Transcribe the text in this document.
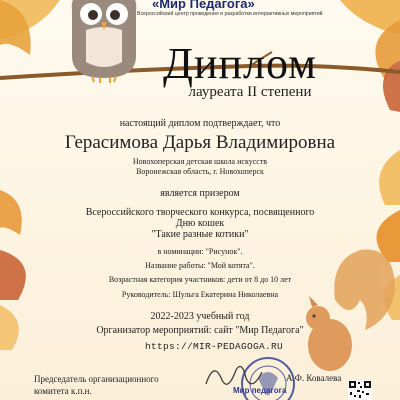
«Мир Педагога»
Всероссийский центр проведения и разработки интерактивных мероприятий
Диплом
лауреата II степени
настоящий диплом подтверждает, что
Герасимова Дарья Владимировна
Новохоперская детская школа искусств
Воронежская область, г. Новохоперск
является призером
Всероссийского творческого конкурса, посвященного
Дню кошек
"Такие разные котики"
в номинации: "Рисунок".
Название работы: "Мой котята".
Возрастная категория участников: дети от 8 до 10 лет
Руководитель: Шульга Екатерина Николаевна
2022-2023 учебный год
Организатор мероприятий: сайт "Мир Педагога"
https://MIR-PEDAGOGA.RU
Председатель организационного
комитета к.п.н.
А.Ф. Ковалева
Мир педагога
